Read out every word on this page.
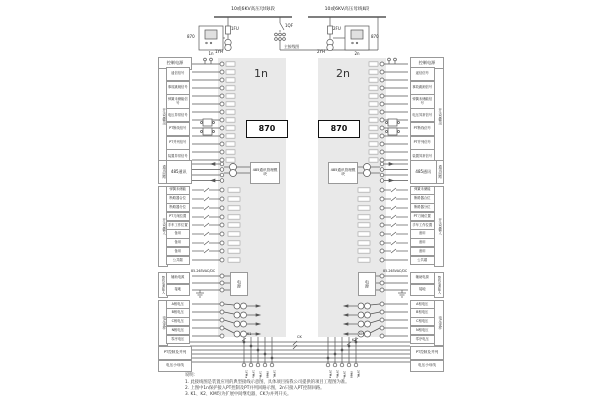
10或6KV高压母线Ⅰ段	10或6KV高压母线Ⅱ段
1FU	2FU
1QF
1YH	2YH
870	870
1n	2n
主接线图
1n	2n
870	870
485通讯管理模块
485通讯管理模块
控制电源
开关量输出
遥信信号
事故跳闸信号
弹簧未储能信号
电压异常信号
PT断线信号
PT并列信号
装置异常信号
通讯回路	485通讯
开关量输入
弹簧未储能
断路器合位
断路器分位
PT刀闸位置
手车工作位置
备用
备用
备用
公共端
整机电源输入	辅助电源
接地
85-265VAC/DC
电源
电压采样
A相电压
B相电压
C相电压
N相电压
零序电压
PT控制及并列
电压小母线
控制电源
开关量输出
遥信信号
事故跳闸信号
弹簧未储能信号
电压异常信号
PT断线信号
PT并列信号
装置异常信号
通讯回路
485通讯
开关量输入
弹簧未储能
断路器合位
断路器分位
PT刀闸位置
手车工作位置
备用
备用
备用
公共端
整机电源输入
辅助电源
接地
85-265VAC/DC
电源
电压采样
A相电压
B相电压
C相电压
N相电压
零序电压
PT控制及并列
电压小母线
K1	KM
K2
CK
1YMa	1YMb	1YMc	YMN	1YML	2YMa	2YMb	2YMc	YMN	2YML
说明：
1. 此接线图是装置应用的典型接线示意图，具体项目按我公司提供的项目工程图为准。
2. 上图中1n保护接入PT控制及PT并列回路示图，2n只接入PT控制回路。
3. K1、K2、KM均为扩展中间继电器，CK为并列开关。
